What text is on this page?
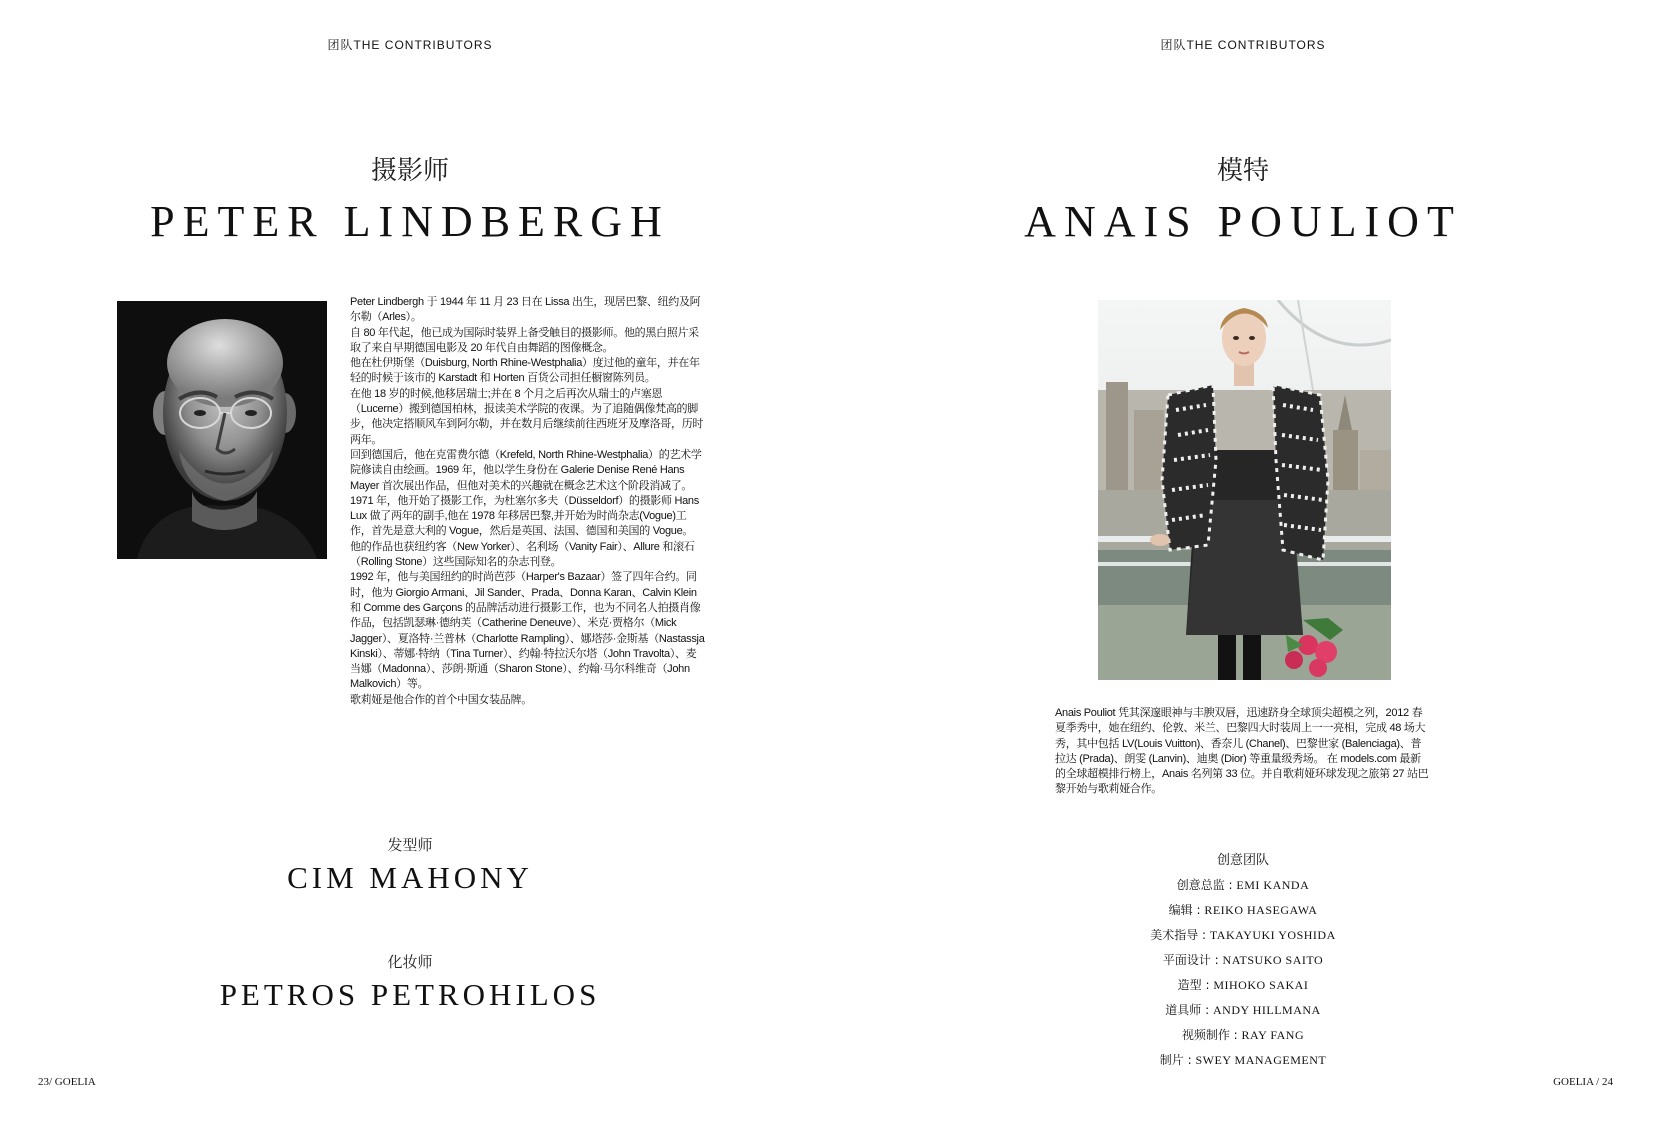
团队THE CONTRIBUTORS
摄影师
PETER LINDBERGH

Peter Lindbergh 于 1944 年 11 月 23 日在 Lissa 出生，现居巴黎、纽约及阿尔勒（Arles）。

自 80 年代起，他已成为国际时装界上备受触目的摄影师。他的黑白照片采取了来自早期德国电影及 20 年代自由舞蹈的图像概念。

他在杜伊斯堡（Duisburg, North Rhine-Westphalia）度过他的童年，并在年轻的时候于该市的 Karstadt 和 Horten 百货公司担任橱窗陈列员。

在他 18 岁的时候,他移居瑞士;并在 8 个月之后再次从瑞士的卢塞恩（Lucerne）搬到德国柏林，报读美术学院的夜课。为了追随偶像梵高的脚步，他决定搭顺风车到阿尔勒，并在数月后继续前往西班牙及摩洛哥，历时两年。

回到德国后，他在克雷费尔德（Krefeld, North Rhine-Westphalia）的艺术学院修读自由绘画。1969 年，他以学生身份在 Galerie Denise René Hans Mayer 首次展出作品，但他对美术的兴趣就在概念艺术这个阶段消减了。

1971 年，他开始了摄影工作，为杜塞尔多夫（Düsseldorf）的摄影师 Hans Lux 做了两年的副手,他在 1978 年移居巴黎,并开始为时尚杂志(Vogue)工作，首先是意大利的 Vogue，然后是英国、法国、德国和美国的 Vogue。 他的作品也获纽约客（New Yorker）、名利场（Vanity Fair）、Allure 和滚石（Rolling Stone）这些国际知名的杂志刊登。

1992 年，他与美国纽约的时尚芭莎（Harper's Bazaar）签了四年合约。同时，他为 Giorgio Armani、Jil Sander、Prada、Donna Karan、Calvin Klein 和 Comme des Garçons 的品牌活动进行摄影工作，也为不同名人拍摄肖像作品，包括凯瑟琳·德纳芙（Catherine Deneuve）、米克·贾格尔（Mick Jagger）、夏洛特·兰普林（Charlotte Rampling）、娜塔莎·金斯基（Nastassja Kinski）、蒂娜·特纳（Tina Turner）、约翰·特拉沃尔塔（John Travolta）、麦当娜（Madonna）、莎朗·斯通（Sharon Stone）、约翰·马尔科维奇（John Malkovich）等。

歌莉娅是他合作的首个中国女装品牌。

发型师
CIM MAHONY
化妆师
PETROS PETROHILOS
23/ GOELIA
团队THE CONTRIBUTORS
模特
ANAIS POULIOT

Anais Pouliot 凭其深邃眼神与丰腴双唇，迅速跻身全球顶尖超模之列，2012 春夏季秀中，她在纽约、伦敦、米兰、巴黎四大时装周上一一亮相，完成 48 场大秀，其中包括 LV(Louis Vuitton)、香奈儿 (Chanel)、巴黎世家 (Balenciaga)、普拉达 (Prada)、朗雯 (Lanvin)、迪奥 (Dior) 等重量级秀场。 在 models.com 最新的全球超模排行榜上，Anais 名列第 33 位。并自歌莉娅环球发现之旅第 27 站巴黎开始与歌莉娅合作。

创意团队
创意总监 : EMI KANDA
编辑 : REIKO HASEGAWA
美术指导 : TAKAYUKI YOSHIDA
平面设计 : NATSUKO SAITO
造型 : MIHOKO SAKAI
道具师 : ANDY HILLMANA
视频制作 : RAY FANG
制片 : SWEY MANAGEMENT
GOELIA / 24
